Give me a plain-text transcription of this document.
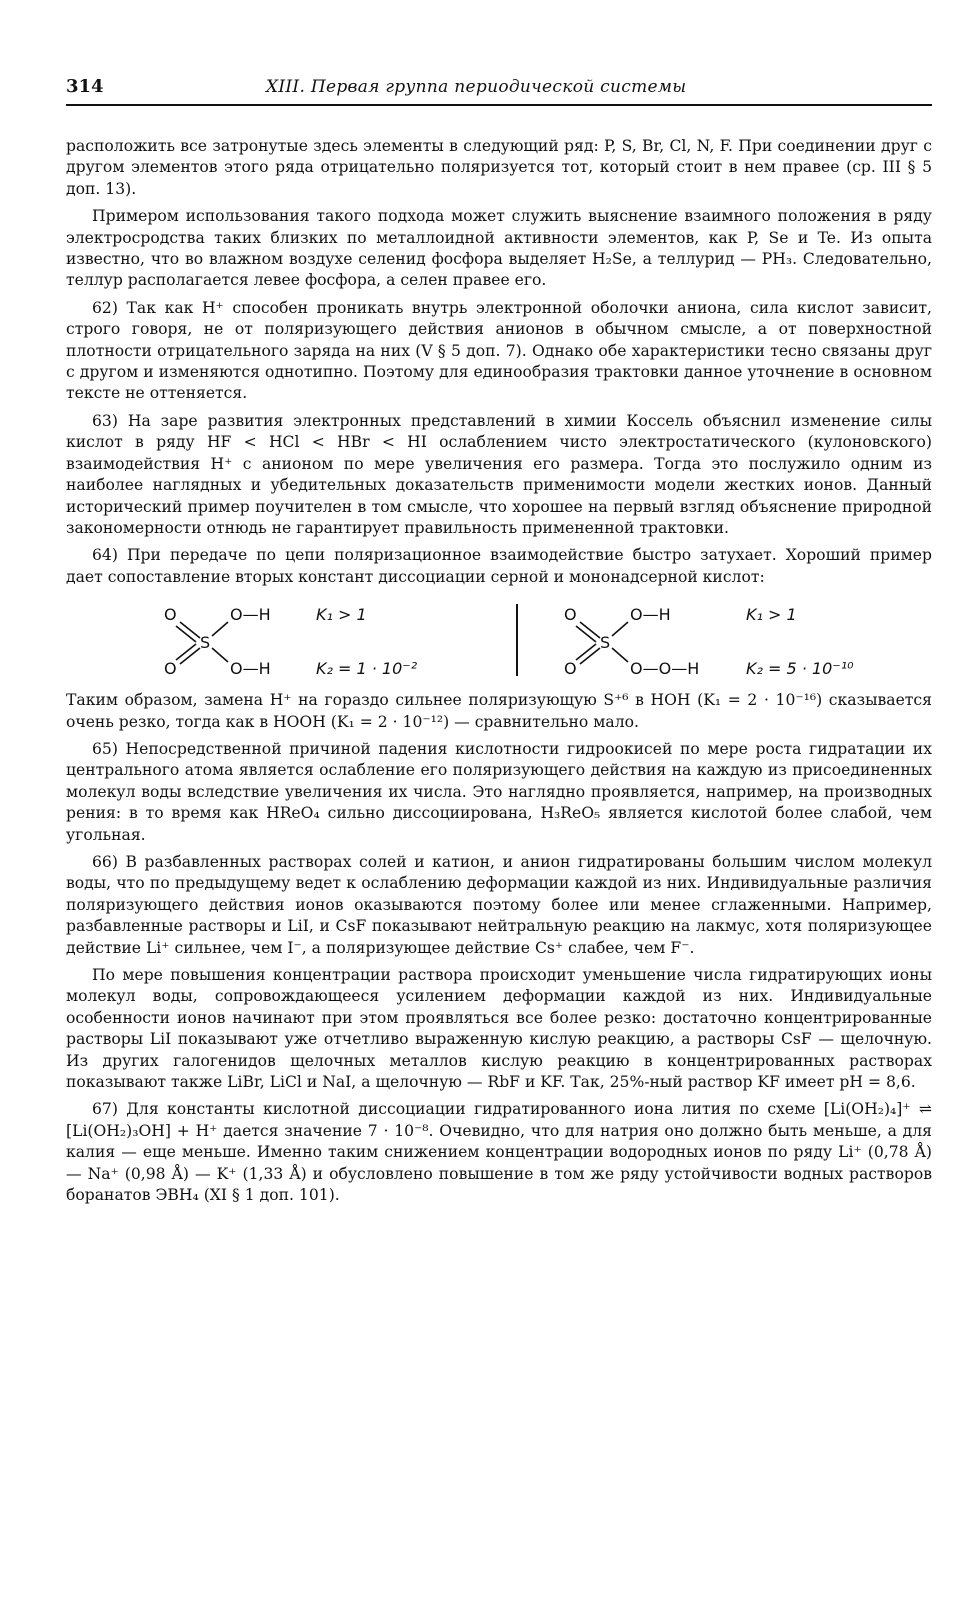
314	XIII. Первая группа периодической системы

расположить все затронутые здесь элементы в следующий ряд: P, S, Br, Cl, N, F. При соединении друг с другом элементов этого ряда отрицательно поляризуется тот, который стоит в нем правее (ср. III § 5 доп. 13).

Примером использования такого подхода может служить выяснение взаимного положения в ряду электросродства таких близких по металлоидной активности элементов, как P, Se и Te. Из опыта известно, что во влажном воздухе селенид фосфора выделяет H₂Se, а теллурид — PH₃. Следовательно, теллур располагается левее фосфора, а селен правее его.

62) Так как H⁺ способен проникать внутрь электронной оболочки аниона, сила кислот зависит, строго говоря, не от поляризующего действия анионов в обычном смысле, а от поверхностной плотности отрицательного заряда на них (V § 5 доп. 7). Однако обе характеристики тесно связаны друг с другом и изменяются однотипно. Поэтому для единообразия трактовки данное уточнение в основном тексте не оттеняется.

63) На заре развития электронных представлений в химии Коссель объяснил изменение силы кислот в ряду HF < HCl < HBr < HI ослаблением чисто электростатического (кулоновского) взаимодействия H⁺ с анионом по мере увеличения его размера. Тогда это послужило одним из наиболее наглядных и убедительных доказательств применимости модели жестких ионов. Данный исторический пример поучителен в том смысле, что хорошее на первый взгляд объяснение природной закономерности отнюдь не гарантирует правильность примененной трактовки.

64) При передаче по цепи поляризационное взаимодействие быстро затухает. Хороший пример дает сопоставление вторых констант диссоциации серной и мононадсерной кислот:

O
O
S
O—H
O—H
K₁ > 1
K₂ = 1 · 10⁻²
O
O
S
O—H
O—O—H
K₁ > 1
K₂ = 5 · 10⁻¹⁰

Таким образом, замена H⁺ на гораздо сильнее поляризующую S⁺⁶ в HOH (K₁ = 2 · 10⁻¹⁶) сказывается очень резко, тогда как в HOOH (K₁ = 2 · 10⁻¹²) — сравнительно мало.

65) Непосредственной причиной падения кислотности гидроокисей по мере роста гидратации их центрального атома является ослабление его поляризующего действия на каждую из присоединенных молекул воды вследствие увеличения их числа. Это наглядно проявляется, например, на производных рения: в то время как HReO₄ сильно диссоциирована, H₃ReO₅ является кислотой более слабой, чем угольная.

66) В разбавленных растворах солей и катион, и анион гидратированы большим числом молекул воды, что по предыдущему ведет к ослаблению деформации каждой из них. Индивидуальные различия поляризующего действия ионов оказываются поэтому более или менее сглаженными. Например, разбавленные растворы и LiI, и CsF показывают нейтральную реакцию на лакмус, хотя поляризующее действие Li⁺ сильнее, чем I⁻, а поляризующее действие Cs⁺ слабее, чем F⁻.

По мере повышения концентрации раствора происходит уменьшение числа гидратирующих ионы молекул воды, сопровождающееся усилением деформации каждой из них. Индивидуальные особенности ионов начинают при этом проявляться все более резко: достаточно концентрированные растворы LiI показывают уже отчетливо выраженную кислую реакцию, а растворы CsF — щелочную. Из других галогенидов щелочных металлов кислую реакцию в концентрированных растворах показывают также LiBr, LiCl и NaI, а щелочную — RbF и KF. Так, 25%-ный раствор KF имеет pH = 8,6.

67) Для константы кислотной диссоциации гидратированного иона лития по схеме [Li(OH₂)₄]⁺ ⇌ [Li(OH₂)₃OH] + H⁺ дается значение 7 · 10⁻⁸. Очевидно, что для натрия оно должно быть меньше, а для калия — еще меньше. Именно таким снижением концентрации водородных ионов по ряду Li⁺ (0,78 Å) — Na⁺ (0,98 Å) — K⁺ (1,33 Å) и обусловлено повышение в том же ряду устойчивости водных растворов боранатов ЭBH₄ (XI § 1 доп. 101).
